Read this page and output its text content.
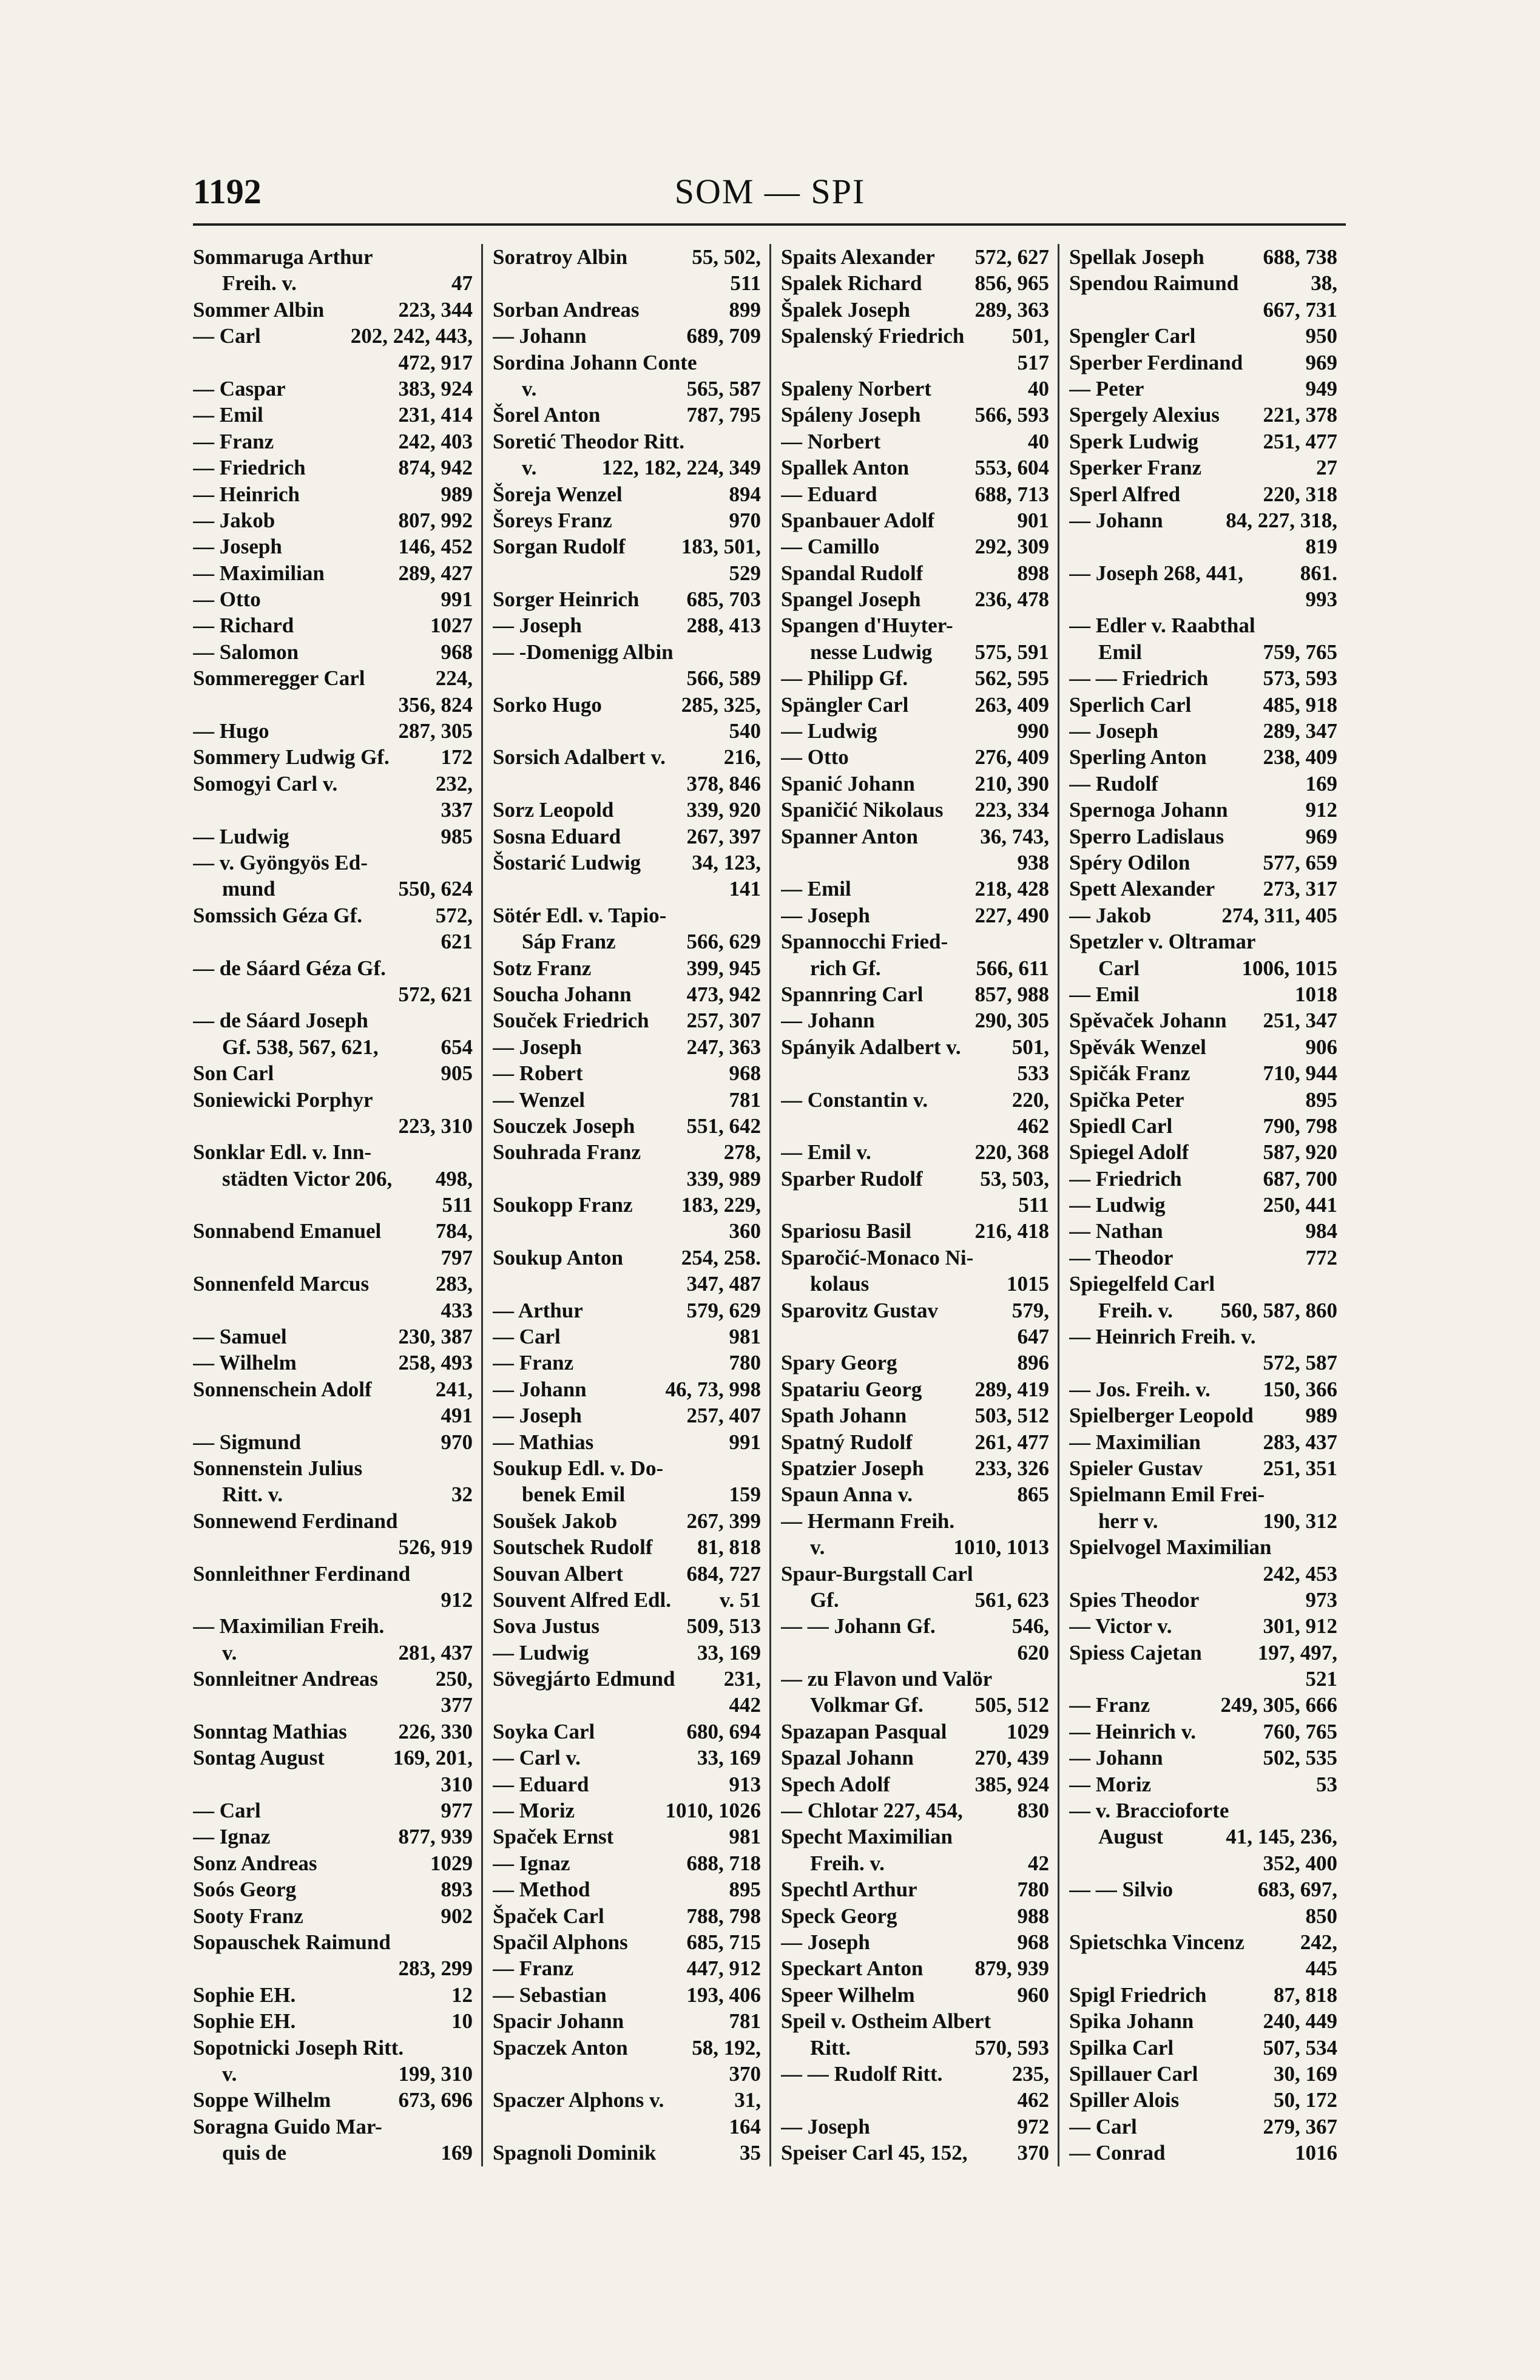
1192	SOM — SPI
Sommaruga Arthur
Freih. v.	47
Sommer Albin	223, 344
— Carl	202, 242, 443,
472, 917
— Caspar	383, 924
— Emil	231, 414
— Franz	242, 403
— Friedrich	874, 942
— Heinrich	989
— Jakob	807, 992
— Joseph	146, 452
— Maximilian	289, 427
— Otto	991
— Richard	1027
— Salomon	968
Sommeregger Carl	224,
356, 824
— Hugo	287, 305
Sommery Ludwig Gf. 172
Somogyi Carl v.	232,
337
— Ludwig	985
— v. Gyöngyös Ed-
mund	550, 624
Somssich Géza Gf.	572,
621
— de Sáard Géza Gf.
572, 621
— de Sáard Joseph
Gf. 538, 567, 621,	654
Son Carl	905
Soniewicki Porphyr
223, 310
Sonklar Edl. v. Inn-
städten Victor 206, 498,
511
Sonnabend Emanuel	784,
797
Sonnenfeld Marcus	283,
433
— Samuel	230, 387
— Wilhelm	258, 493
Sonnenschein Adolf	241,
491
— Sigmund	970
Sonnenstein Julius
Ritt. v.	32
Sonnewend Ferdinand
526, 919
Sonnleithner Ferdinand
912
— Maximilian Freih.
v.	281, 437
Sonnleitner Andreas	250,
377
Sonntag Mathias 226, 330
Sontag August	169, 201,
310
— Carl	977
— Ignaz	877, 939
Sonz Andreas	1029
Soós Georg	893
Sooty Franz	902
Sopauschek Raimund
283, 299
Sophie EH.	12
Sophie EH.	10
Sopotnicki Joseph Ritt.
v.	199, 310
Soppe Wilhelm	673, 696
Soragna Guido Mar-
quis de	169
Soratroy Albin	55, 502,
511
Sorban Andreas	899
— Johann	689, 709
Sordina Johann Conte
v.	565, 587
Šorel Anton	787, 795
Soretić Theodor Ritt.
v.	122, 182, 224, 349
Šoreja Wenzel	894
Šoreys Franz	970
Sorgan Rudolf	183, 501,
529
Sorger Heinrich 685, 703
— Joseph	288, 413
— -Domenigg Albin
566, 589
Sorko Hugo	285, 325,
540
Sorsich Adalbert v.	216,
378, 846
Sorz Leopold	339, 920
Sosna Eduard	267, 397
Šostarić Ludwig 34, 123,
141
Sötér Edl. v. Tapio-
Sáp Franz	566, 629
Sotz Franz	399, 945
Soucha Johann	473, 942
Souček Friedrich 257, 307
— Joseph	247, 363
— Robert	968
— Wenzel	781
Souczek Joseph 551, 642
Souhrada Franz	278,
339, 989
Soukopp Franz 183, 229,
360
Soukup Anton	254, 258.
347, 487
— Arthur	579, 629
— Carl	981
— Franz	780
— Johann	46, 73, 998
— Joseph	257, 407
— Mathias	991
Soukup Edl. v. Do-
benek Emil	159
Soušek Jakob	267, 399
Soutschek Rudolf 81, 818
Souvan Albert	684, 727
Souvent Alfred Edl. v. 51
Sova Justus	509, 513
— Ludwig	33, 169
Sövegjárto Edmund 231,
442
Soyka Carl	680, 694
— Carl v.	33, 169
— Eduard	913
— Moriz	1010, 1026
Spaček Ernst	981
— Ignaz	688, 718
— Method	895
Špaček Carl	788, 798
Spačil Alphons	685, 715
— Franz	447, 912
— Sebastian	193, 406
Spacir Johann	781
Spaczek Anton	58, 192,
370
Spaczer Alphons v.	31,
164
Spagnoli Dominik	35
Spaits Alexander 572, 627
Spalek Richard 856, 965
Špalek Joseph	289, 363
Spalenský Friedrich 501,
517
Spaleny Norbert	40
Spáleny Joseph	566, 593
— Norbert	40
Spallek Anton	553, 604
— Eduard	688, 713
Spanbauer Adolf	901
— Camillo	292, 309
Spandal Rudolf	898
Spangel Joseph	236, 478
Spangen d'Huyter-
nesse Ludwig 575, 591
— Philipp Gf.	562, 595
Spängler Carl	263, 409
— Ludwig	990
— Otto	276, 409
Spanić Johann	210, 390
Spaničić Nikolaus 223, 334
Spanner Anton	36, 743,
938
— Emil	218, 428
— Joseph	227, 490
Spannocchi Fried-
rich Gf.	566, 611
Spannring Carl 857, 988
— Johann	290, 305
Spányik Adalbert v. 501,
533
— Constantin v.	220,
462
— Emil v.	220, 368
Sparber Rudolf	53, 503,
511
Spariosu Basil	216, 418
Sparočić-Monaco Ni-
kolaus	1015
Sparovitz Gustav	579,
647
Spary Georg	896
Spatariu Georg 289, 419
Spath Johann	503, 512
Spatný Rudolf	261, 477
Spatzier Joseph 233, 326
Spaun Anna v.	865
— Hermann Freih.
v.	1010, 1013
Spaur-Burgstall Carl
Gf.	561, 623
— — Johann Gf.	546,
620
— zu Flavon und Valör
Volkmar Gf. 505, 512
Spazapan Pasqual	1029
Spazal Johann	270, 439
Spech Adolf	385, 924
— Chlotar 227, 454,	830
Specht Maximilian
Freih. v.	42
Spechtl Arthur	780
Speck Georg	988
— Joseph	968
Speckart Anton 879, 939
Speer Wilhelm	960
Speil v. Ostheim Albert
Ritt.	570, 593
— — Rudolf Ritt.	235,
462
— Joseph	972
Speiser Carl 45, 152, 370
Spellak Joseph	688, 738
Spendou Raimund	38,
667, 731
Spengler Carl	950
Sperber Ferdinand	969
— Peter	949
Spergely Alexius 221, 378
Sperk Ludwig	251, 477
Sperker Franz	27
Sperl Alfred	220, 318
— Johann	84, 227, 318,
819
— Joseph 268, 441,	861.
993
— Edler v. Raabthal
Emil	759, 765
— — Friedrich	573, 593
Sperlich Carl	485, 918
— Joseph	289, 347
Sperling Anton	238, 409
— Rudolf	169
Spernoga Johann	912
Sperro Ladislaus	969
Spéry Odilon	577, 659
Spett Alexander 273, 317
— Jakob	274, 311, 405
Spetzler v. Oltramar
Carl	1006, 1015
— Emil	1018
Spěvaček Johann 251, 347
Spěvák Wenzel	906
Spičák Franz	710, 944
Spička Peter	895
Spiedl Carl	790, 798
Spiegel Adolf	587, 920
— Friedrich	687, 700
— Ludwig	250, 441
— Nathan	984
— Theodor	772
Spiegelfeld Carl
Freih. v. 560, 587, 860
— Heinrich Freih. v.
572, 587
— Jos. Freih. v. 150, 366
Spielberger Leopold 989
— Maximilian	283, 437
Spieler Gustav	251, 351
Spielmann Emil Frei-
herr v.	190, 312
Spielvogel Maximilian
242, 453
Spies Theodor	973
— Victor v.	301, 912
Spiess Cajetan	197, 497,
521
— Franz	249, 305, 666
— Heinrich v.	760, 765
— Johann	502, 535
— Moriz	53
— v. Braccioforte
August	41, 145, 236,
352, 400
— — Silvio	683, 697,
850
Spietschka Vincenz	242,
445
Spigl Friedrich	87, 818
Spika Johann	240, 449
Spilka Carl	507, 534
Spillauer Carl	30, 169
Spiller Alois	50, 172
— Carl	279, 367
— Conrad	1016
